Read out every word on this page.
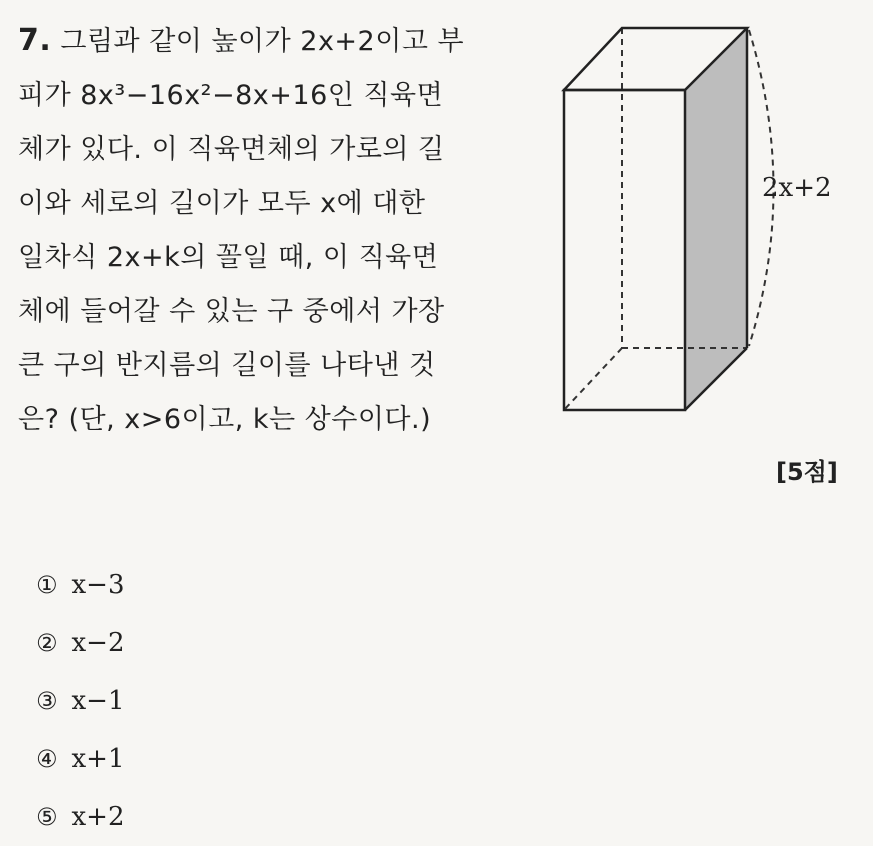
7. 그림과 같이 높이가 2x+2이고 부
피가 8x³−16x²−8x+16인 직육면
체가 있다. 이 직육면체의 가로의 길
이와 세로의 길이가 모두 x에 대한
일차식 2x+k의 꼴일 때, 이 직육면
체에 들어갈 수 있는 구 중에서 가장
큰 구의 반지름의 길이를 나타낸 것
은? (단, x>6이고, k는 상수이다.)
2x+2
[5점]
① x−3
② x−2
③ x−1
④ x+1
⑤ x+2
